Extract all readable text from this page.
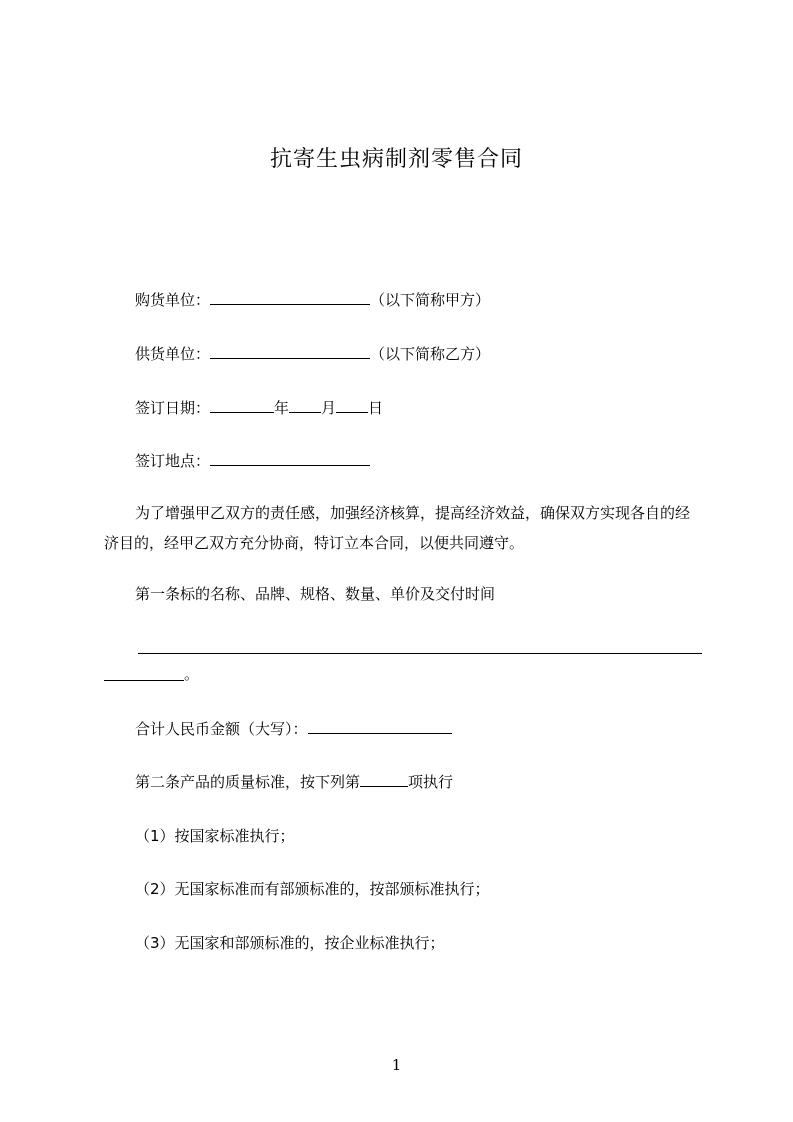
抗寄生虫病制剂零售合同
购货单位：	（以下简称甲方）
供货单位：	（以下简称乙方）
签订日期：	年 月 日
签订地点：
为了增强甲乙双方的责任感，加强经济核算，提高经济效益，确保双方实现各自的经济目的，经甲乙双方充分协商，特订立本合同，以便共同遵守。
第一条标的名称、品牌、规格、数量、单价及交付时间
。
合计人民币金额（大写）：
第二条产品的质量标准，按下列第	项执行
（1）按国家标准执行；
（2）无国家标准而有部颁标准的，按部颁标准执行；
（3）无国家和部颁标准的，按企业标准执行；
1
